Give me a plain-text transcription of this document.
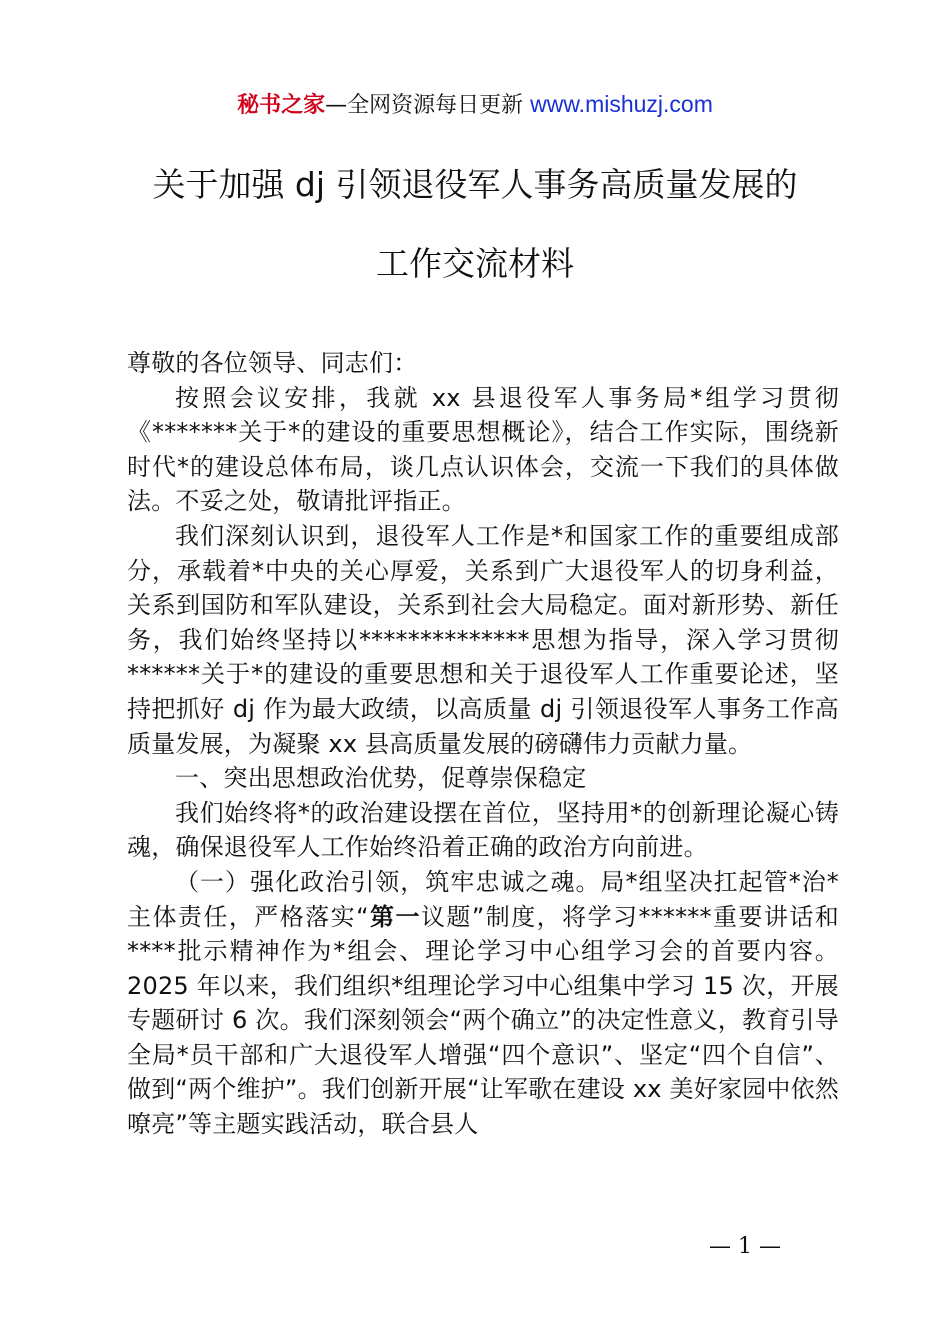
秘书之家—全网资源每日更新 www.mishuzj.com
关于加强 dj 引领退役军人事务高质量发展的
工作交流材料

尊敬的各位领导、同志们：

按照会议安排，我就 xx 县退役军人事务局*组学习贯彻《*******关于*的建设的重要思想概论》，结合工作实际，围绕新时代*的建设总体布局，谈几点认识体会，交流一下我们的具体做法。不妥之处，敬请批评指正。

我们深刻认识到，退役军人工作是*和国家工作的重要组成部分，承载着*中央的关心厚爱，关系到广大退役军人的切身利益，关系到国防和军队建设，关系到社会大局稳定。面对新形势、新任务，我们始终坚持以**************思想为指导，深入学习贯彻******关于*的建设的重要思想和关于退役军人工作重要论述，坚持把抓好 dj 作为最大政绩，以高质量 dj 引领退役军人事务工作高质量发展，为凝聚 xx 县高质量发展的磅礴伟力贡献力量。

一、突出思想政治优势，促尊崇保稳定

我们始终将*的政治建设摆在首位，坚持用*的创新理论凝心铸魂，确保退役军人工作始终沿着正确的政治方向前进。

（一）强化政治引领，筑牢忠诚之魂。局*组坚决扛起管*治*主体责任，严格落实“第一议题”制度，将学习******重要讲话和****批示精神作为*组会、理论学习中心组学习会的首要内容。2025 年以来，我们组织*组理论学习中心组集中学习 15 次，开展专题研讨 6 次。我们深刻领会“两个确立”的决定性意义，教育引导全局*员干部和广大退役军人增强“四个意识”、坚定“四个自信”、做到“两个维护”。我们创新开展“让军歌在建设 xx 美好家园中依然嘹亮”等主题实践活动，联合县人

— 1 —
